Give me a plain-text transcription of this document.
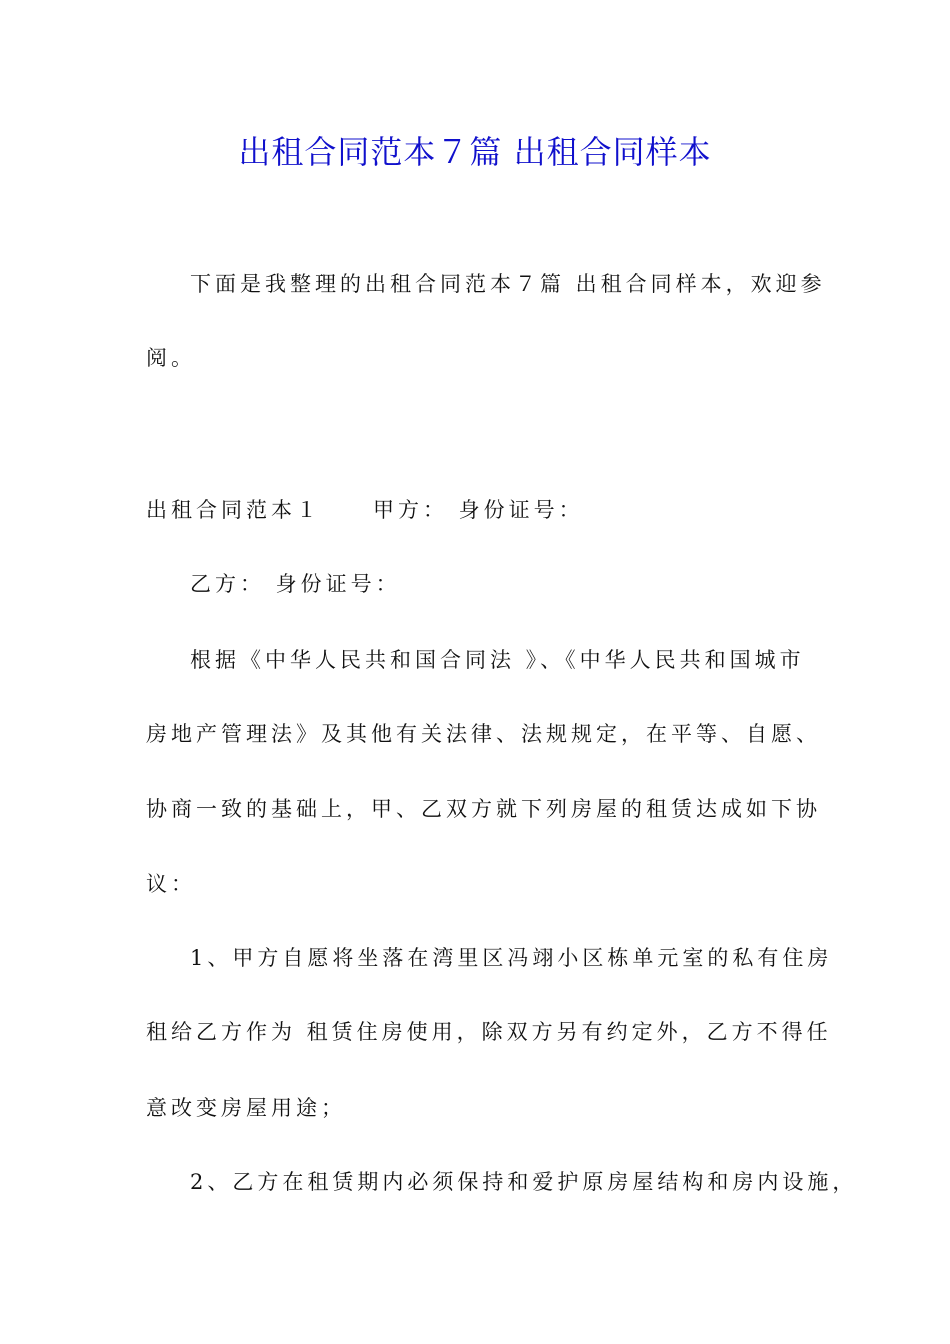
出租合同范本７篇 出租合同样本

下面是我整理的出租合同范本７篇 出租合同样本，欢迎参

阅。

出租合同范本１ 甲方： 身份证号：

乙方： 身份证号：

根据《中华人民共和国合同法 》、《中华人民共和国城市

房地产管理法》及其他有关法律、法规规定，在平等、自愿、

协商一致的基础上，甲、乙双方就下列房屋的租赁达成如下协

议：

1、甲方自愿将坐落在湾里区冯翊小区栋单元室的私有住房

租给乙方作为 租赁住房使用，除双方另有约定外，乙方不得任

意改变房屋用途；

2、乙方在租赁期内必须保持和爱护原房屋结构和房内设施，
